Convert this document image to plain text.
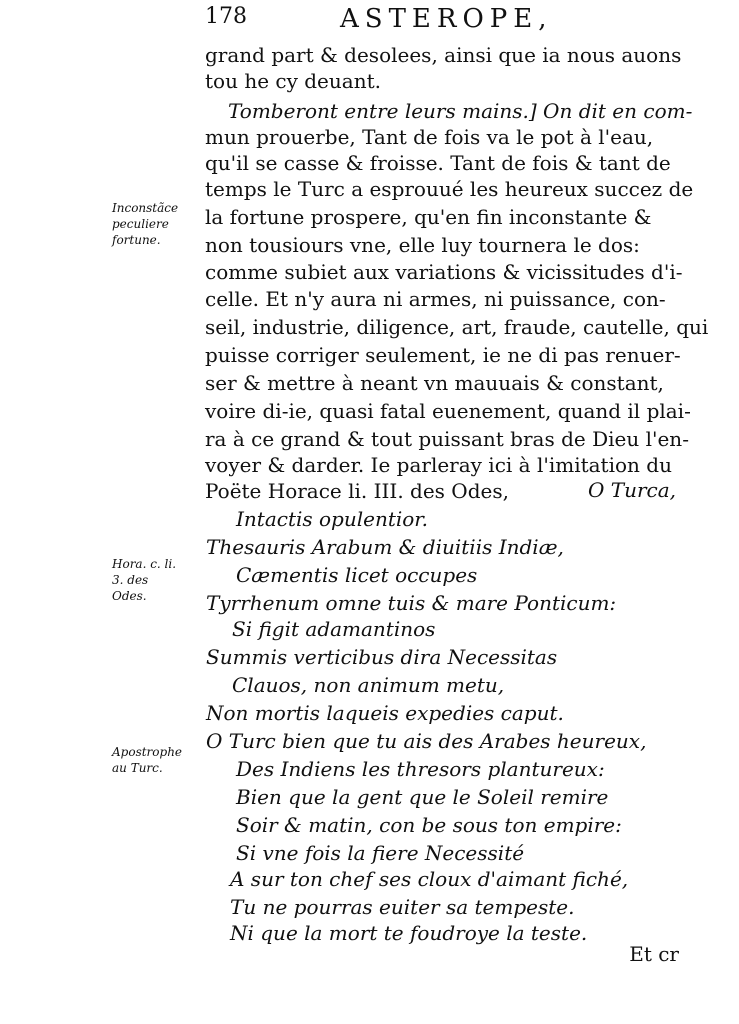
178	ASTEROPE,
grand part & desolees, ainsi que ia nous auons
tou he cy deuant.
Tomberont entre leurs mains.] On dit en com-
mun prouerbe, Tant de fois va le pot à l'eau,
qu'il se casse & froisse. Tant de fois & tant de
temps le Turc a esprouué les heureux succez de
la fortune prospere, qu'en fin inconstante &
non tousiours vne, elle luy tournera le dos:
comme subiet aux variations & vicissitudes d'i-
celle. Et n'y aura ni armes, ni puissance, con-
seil, industrie, diligence, art, fraude, cautelle, qui
puisse corriger seulement, ie ne di pas renuer-
ser & mettre à neant vn mauuais & constant,
voire di-ie, quasi fatal euenement, quand il plai-
ra à ce grand & tout puissant bras de Dieu l'en-
voyer & darder. Ie parleray ici à l'imitation du
Poëte Horace li. III. des Odes,	O Turca,
Intactis opulentior.
Thesauris Arabum & diuitiis Indiæ,
Cæmentis licet occupes
Tyrrhenum omne tuis & mare Ponticum:
Si figit adamantinos
Summis verticibus dira Necessitas
Clauos, non animum metu,
Non mortis laqueis expedies caput.
O Turc bien que tu ais des Arabes heureux,
Des Indiens les thresors plantureux:
Bien que la gent que le Soleil remire
Soir & matin, con be sous ton empire:
Si vne fois la fiere Necessité
A sur ton chef ses cloux d'aimant fiché,
Tu ne pourras euiter sa tempeste.
Ni que la mort te foudroye la teste.
Inconstãce
peculiere
fortune.
Hora. c. li.
3. des
Odes.
Apostrophe
au Turc.
Et cr
